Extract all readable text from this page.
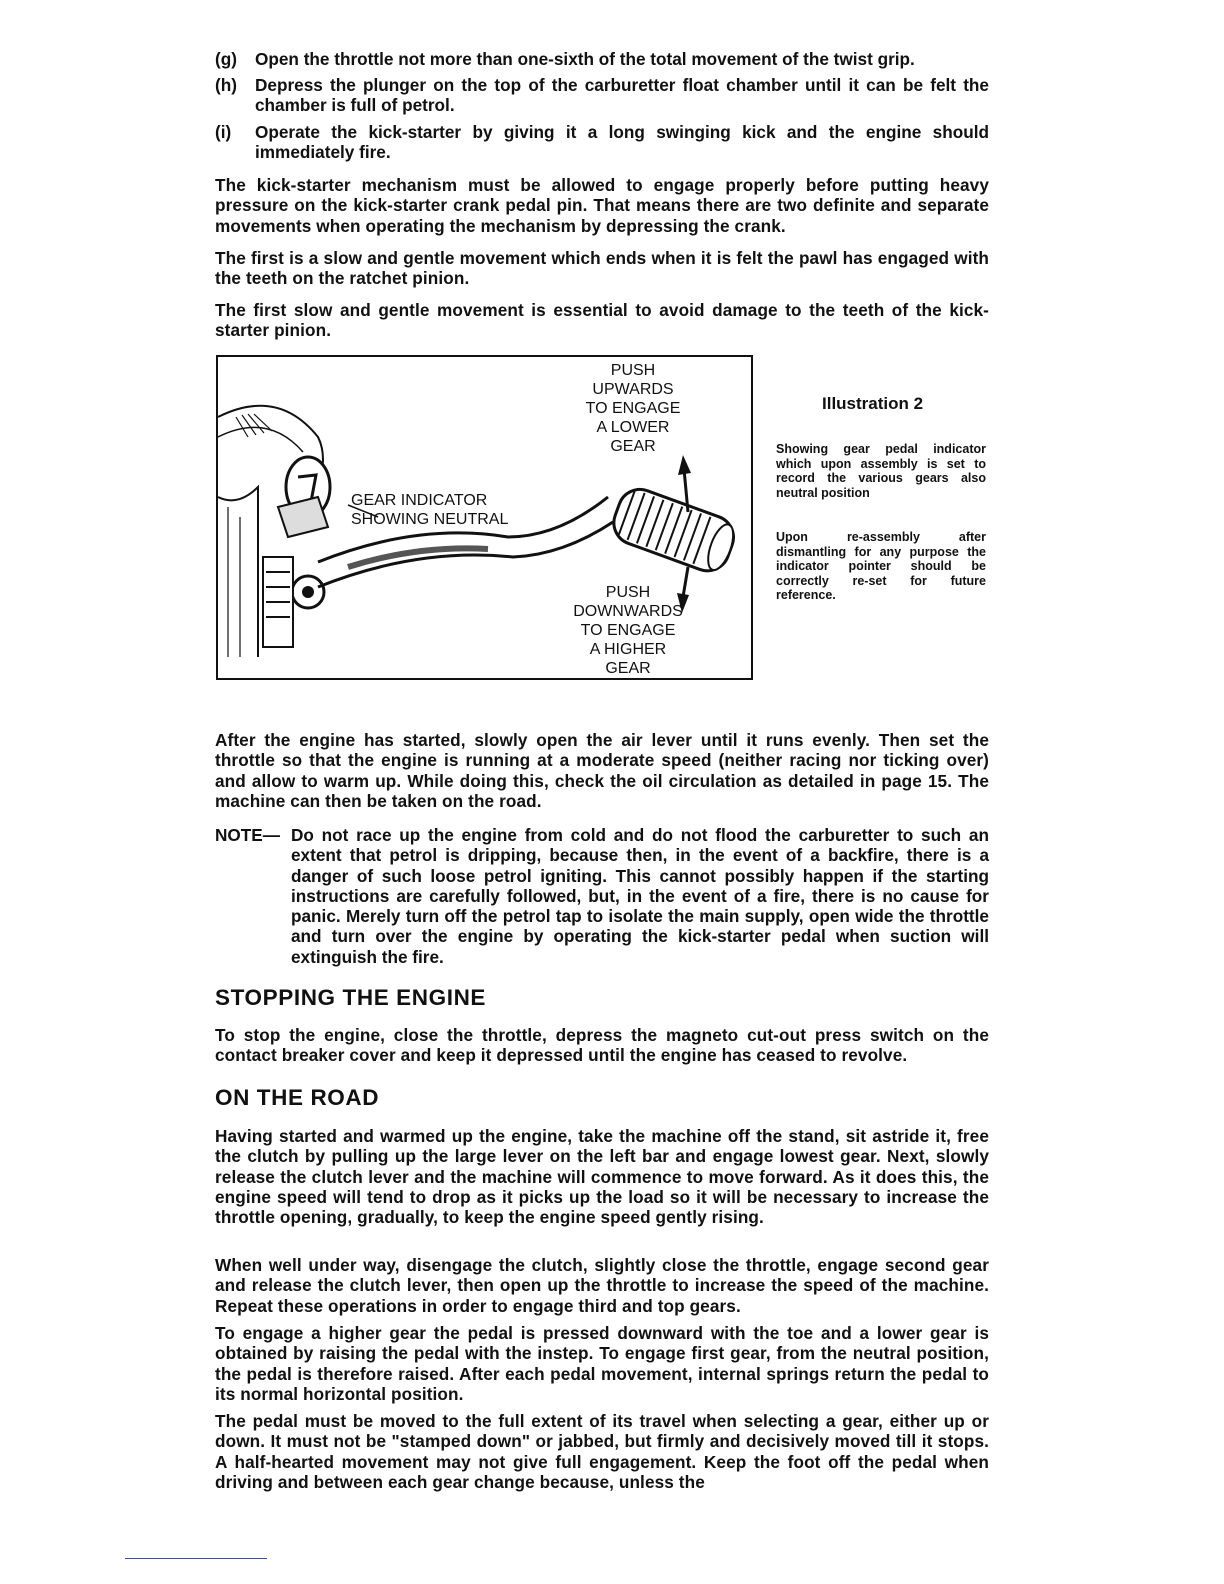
(g) Open the throttle not more than one-sixth of the total movement of the twist grip.
(h) Depress the plunger on the top of the carburetter float chamber until it can be felt the chamber is full of petrol.
(i) Operate the kick-starter by giving it a long swinging kick and the engine should immediately fire.

The kick-starter mechanism must be allowed to engage properly before putting heavy pressure on the kick-starter crank pedal pin. That means there are two definite and separate movements when operating the mechanism by depressing the crank.

The first is a slow and gentle movement which ends when it is felt the pawl has engaged with the teeth on the ratchet pinion.

The first slow and gentle movement is essential to avoid damage to the teeth of the kick-starter pinion.

PUSH
UPWARDS
TO ENGAGE
A LOWER
GEAR
GEAR INDICATOR
SHOWING NEUTRAL
PUSH
DOWNWARDS
TO ENGAGE
A HIGHER
GEAR
Illustration 2
Showing gear pedal indicator which upon assembly is set to record the various gears also neutral position
Upon re-assembly after dismantling for any purpose the indicator pointer should be correctly re-set for future reference.

After the engine has started, slowly open the air lever until it runs evenly. Then set the throttle so that the engine is running at a moderate speed (neither racing nor ticking over) and allow to warm up. While doing this, check the oil circulation as detailed in page 15. The machine can then be taken on the road.

NOTE— Do not race up the engine from cold and do not flood the carburetter to such an extent that petrol is dripping, because then, in the event of a backfire, there is a danger of such loose petrol igniting. This cannot possibly happen if the starting instructions are carefully followed, but, in the event of a fire, there is no cause for panic. Merely turn off the petrol tap to isolate the main supply, open wide the throttle and turn over the engine by operating the kick-starter pedal when suction will extinguish the fire.
STOPPING THE ENGINE

To stop the engine, close the throttle, depress the magneto cut-out press switch on the contact breaker cover and keep it depressed until the engine has ceased to revolve.

ON THE ROAD

Having started and warmed up the engine, take the machine off the stand, sit astride it, free the clutch by pulling up the large lever on the left bar and engage lowest gear. Next, slowly release the clutch lever and the machine will commence to move forward. As it does this, the engine speed will tend to drop as it picks up the load so it will be necessary to increase the throttle opening, gradually, to keep the engine speed gently rising.

When well under way, disengage the clutch, slightly close the throttle, engage second gear and release the clutch lever, then open up the throttle to increase the speed of the machine. Repeat these operations in order to engage third and top gears.

To engage a higher gear the pedal is pressed downward with the toe and a lower gear is obtained by raising the pedal with the instep. To engage first gear, from the neutral position, the pedal is therefore raised. After each pedal movement, internal springs return the pedal to its normal horizontal position.

The pedal must be moved to the full extent of its travel when selecting a gear, either up or down. It must not be "stamped down" or jabbed, but firmly and decisively moved till it stops. A half-hearted movement may not give full engagement. Keep the foot off the pedal when driving and between each gear change because, unless the
